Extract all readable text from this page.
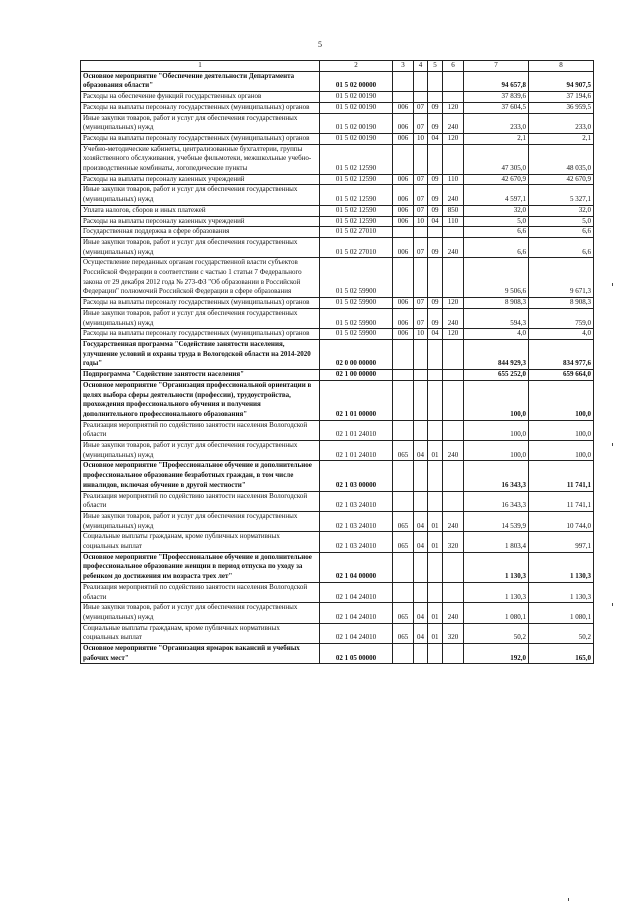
5
1	2	3	4	5	6	7	8
Основное мероприятие "Обеспечение деятельности Департамента образования области"	01 5 02 00000					94 657,8	94 907,5
Расходы на обеспечение функций государственных органов	01 5 02 00190					37 839,6	37 194,6
Расходы на выплаты персоналу государственных (муниципальных) органов	01 5 02 00190	006	07	09	120	37 604,5	36 959,5
Иные закупки товаров, работ и услуг для обеспечения государственных (муниципальных) нужд	01 5 02 00190	006	07	09	240	233,0	233,0
Расходы на выплаты персоналу государственных (муниципальных) органов	01 5 02 00190	006	10	04	120	2,1	2,1
Учебно-методические кабинеты, централизованные бухгалтерии, группы хозяйственного обслуживания, учебные фильмотеки, межшкольные учебно-производственные комбинаты, логопедические пункты	01 5 02 12590					47 305,0	48 035,0
Расходы на выплаты персоналу казенных учреждений	01 5 02 12590	006	07	09	110	42 670,9	42 670,9
Иные закупки товаров, работ и услуг для обеспечения государственных (муниципальных) нужд	01 5 02 12590	006	07	09	240	4 597,1	5 327,1
Уплата налогов, сборов и иных платежей	01 5 02 12590	006	07	09	850	32,0	32,0
Расходы на выплаты персоналу казенных учреждений	01 5 02 12590	006	10	04	110	5,0	5,0
Государственная поддержка в сфере образования	01 5 02 27010					6,6	6,6
Иные закупки товаров, работ и услуг для обеспечения государственных (муниципальных) нужд	01 5 02 27010	006	07	09	240	6,6	6,6
Осуществление переданных органам государственной власти субъектов Российской Федерации в соответствии с частью 1 статьи 7 Федерального закона от 29 декабря 2012 года № 273-ФЗ "Об образовании в Российской Федерации" полномочий Российской Федерации в сфере образования	01 5 02 59900					9 506,6	9 671,3
Расходы на выплаты персоналу государственных (муниципальных) органов	01 5 02 59900	006	07	09	120	8 908,3	8 908,3
Иные закупки товаров, работ и услуг для обеспечения государственных (муниципальных) нужд	01 5 02 59900	006	07	09	240	594,3	759,0
Расходы на выплаты персоналу государственных (муниципальных) органов	01 5 02 59900	006	10	04	120	4,0	4,0
Государственная программа "Содействие занятости населения, улучшение условий и охраны труда в Вологодской области на 2014-2020 годы"	02 0 00 00000					844 929,3	834 977,6
Подпрограмма "Содействие занятости населения"	02 1 00 00000					655 252,0	659 664,0
Основное мероприятие "Организация профессиональной ориентации в целях выбора сферы деятельности (профессии), трудоустройства, прохождения профессионального обучения и получения дополнительного профессионального образования"	02 1 01 00000					100,0	100,0
Реализация мероприятий по содействию занятости населения Вологодской области	02 1 01 24010					100,0	100,0
Иные закупки товаров, работ и услуг для обеспечения государственных (муниципальных) нужд	02 1 01 24010	065	04	01	240	100,0	100,0
Основное мероприятие "Профессиональное обучение и дополнительное профессиональное образование безработных граждан, в том числе инвалидов, включая обучение в другой местности"	02 1 03 00000					16 343,3	11 741,1
Реализация мероприятий по содействию занятости населения Вологодской области	02 1 03 24010					16 343,3	11 741,1
Иные закупки товаров, работ и услуг для обеспечения государственных (муниципальных) нужд	02 1 03 24010	065	04	01	240	14 539,9	10 744,0
Социальные выплаты гражданам, кроме публичных нормативных социальных выплат	02 1 03 24010	065	04	01	320	1 803,4	997,1
Основное мероприятие "Профессиональное обучение и дополнительное профессиональное образование женщин в период отпуска по уходу за ребенком до достижения им возраста трех лет"	02 1 04 00000					1 130,3	1 130,3
Реализация мероприятий по содействию занятости населения Вологодской области	02 1 04 24010					1 130,3	1 130,3
Иные закупки товаров, работ и услуг для обеспечения государственных (муниципальных) нужд	02 1 04 24010	065	04	01	240	1 080,1	1 080,1
Социальные выплаты гражданам, кроме публичных нормативных социальных выплат	02 1 04 24010	065	04	01	320	50,2	50,2
Основное мероприятие "Организация ярмарок вакансий и учебных рабочих мест"	02 1 05 00000					192,0	165,0
